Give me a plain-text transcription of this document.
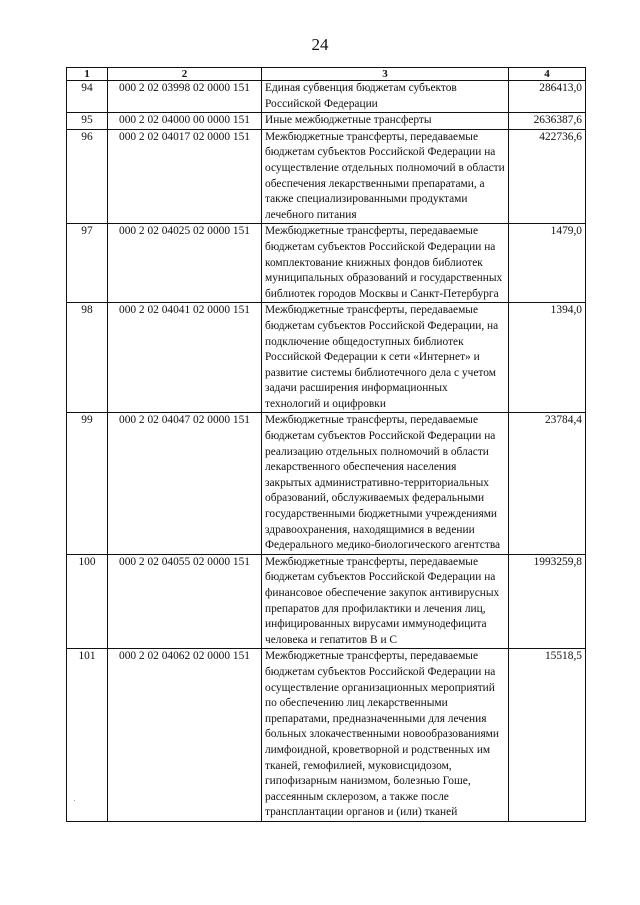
24
1	2	3	4
94	000 2 02 03998 02 0000 151	Единая субвенция бюджетам субъектов Российской Федерации	286413,0
95	000 2 02 04000 00 0000 151	Иные межбюджетные трансферты	2636387,6
96	000 2 02 04017 02 0000 151	Межбюджетные трансферты, передаваемые бюджетам субъектов Российской Федерации на осуществление отдельных полномочий в области обеспечения лекарственными препаратами, а также специализированными продуктами лечебного питания	422736,6
97	000 2 02 04025 02 0000 151	Межбюджетные трансферты, передаваемые бюджетам субъектов Российской Федерации на комплектование книжных фондов библиотек муниципальных образований и государственных библиотек городов Москвы и Санкт-Петербурга	1479,0
98	000 2 02 04041 02 0000 151	Межбюджетные трансферты, передаваемые бюджетам субъектов Российской Федерации, на подключение общедоступных библиотек Российской Федерации к сети «Интернет» и развитие системы библиотечного дела с учетом задачи расширения информационных технологий и оцифровки	1394,0
99	000 2 02 04047 02 0000 151	Межбюджетные трансферты, передаваемые бюджетам субъектов Российской Федерации на реализацию отдельных полномочий в области лекарственного обеспечения населения закрытых административно-территориальных образований, обслуживаемых федеральными государственными бюджетными учреждениями здравоохранения, находящимися в ведении Федерального медико-биологического агентства	23784,4
100	000 2 02 04055 02 0000 151	Межбюджетные трансферты, передаваемые бюджетам субъектов Российской Федерации на финансовое обеспечение закупок антивирусных препаратов для профилактики и лечения лиц, инфицированных вирусами иммунодефицита человека и гепатитов B и C	1993259,8
101	000 2 02 04062 02 0000 151	Межбюджетные трансферты, передаваемые бюджетам субъектов Российской Федерации на осуществление организационных мероприятий по обеспечению лиц лекарственными препаратами, предназначенными для лечения больных злокачественными новообразованиями лимфоидной, кроветворной и родственных им тканей, гемофилией, муковисцидозом, гипофизарным нанизмом, болезнью Гоше, рассеянным склерозом, а также после трансплантации органов и (или) тканей	15518,5
